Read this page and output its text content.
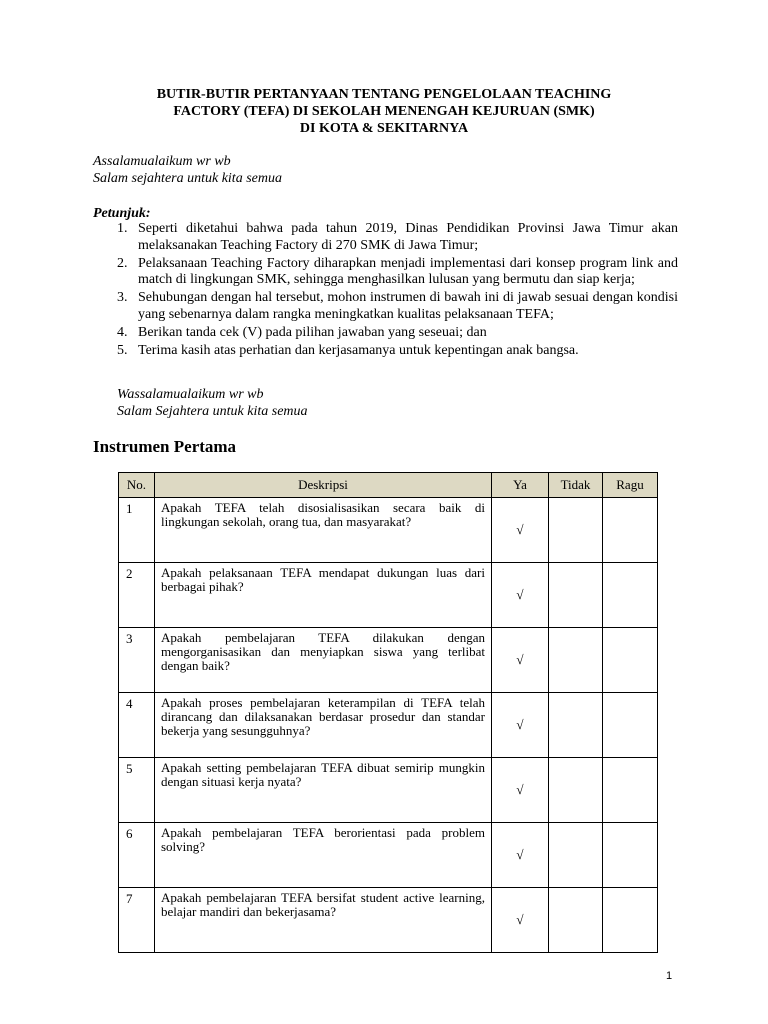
BUTIR-BUTIR PERTANYAAN TENTANG PENGELOLAAN TEACHING
FACTORY (TEFA) DI SEKOLAH MENENGAH KEJURUAN (SMK)
DI KOTA & SEKITARNYA
Assalamualaikum wr wb
Salam sejahtera untuk kita semua
Petunjuk:
1. Seperti diketahui bahwa pada tahun 2019, Dinas Pendidikan Provinsi Jawa Timur akan melaksanakan Teaching Factory di 270 SMK di Jawa Timur;
2. Pelaksanaan Teaching Factory diharapkan menjadi implementasi dari konsep program link and match di lingkungan SMK, sehingga menghasilkan lulusan yang bermutu dan siap kerja;
3. Sehubungan dengan hal tersebut, mohon instrumen di bawah ini di jawab sesuai dengan kondisi yang sebenarnya dalam rangka meningkatkan kualitas pelaksanaan TEFA;
4. Berikan tanda cek (V) pada pilihan jawaban yang seseuai; dan
5. Terima kasih atas perhatian dan kerjasamanya untuk kepentingan anak bangsa.
Wassalamualaikum wr wb
Salam Sejahtera untuk kita semua
Instrumen Pertama
No.	Deskripsi	Ya	Tidak	Ragu
1	Apakah TEFA telah disosialisasikan secara baik di lingkungan sekolah, orang tua, dan masyarakat?	√		
2	Apakah pelaksanaan TEFA mendapat dukungan luas dari berbagai pihak?	√		
3	Apakah pembelajaran TEFA dilakukan dengan mengorganisasikan dan menyiapkan siswa yang terlibat dengan baik?	√		
4	Apakah proses pembelajaran keterampilan di TEFA telah dirancang dan dilaksanakan berdasar prosedur dan standar bekerja yang sesungguhnya?	√		
5	Apakah setting pembelajaran TEFA dibuat semirip mungkin dengan situasi kerja nyata?	√		
6	Apakah pembelajaran TEFA berorientasi pada problem solving?	√		
7	Apakah pembelajaran TEFA bersifat student active learning, belajar mandiri dan bekerjasama?	√		
1
